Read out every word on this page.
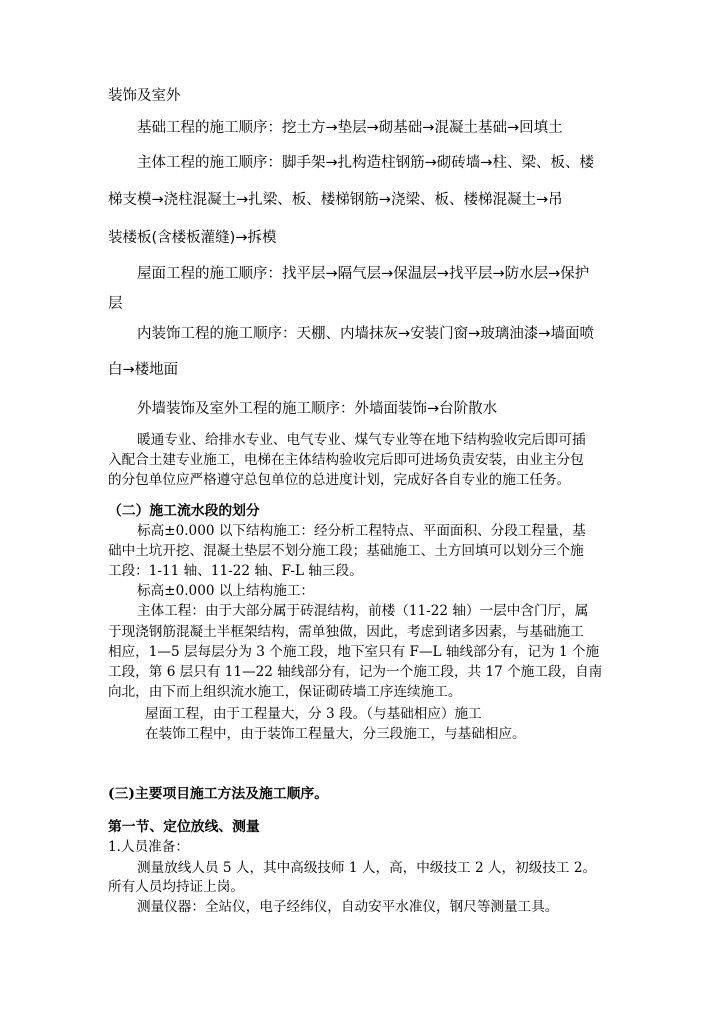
装饰及室外
基础工程的施工顺序：挖土方→垫层→砌基础→混凝土基础→回填土
主体工程的施工顺序：脚手架→扎构造柱钢筋→砌砖墙→柱、梁、板、楼
梯支模→浇柱混凝土→扎梁、板、楼梯钢筋→浇梁、板、楼梯混凝土→吊
装楼板(含楼板灌缝)→拆模
屋面工程的施工顺序：找平层→隔气层→保温层→找平层→防水层→保护
层
内装饰工程的施工顺序：天棚、内墙抹灰→安装门窗→玻璃油漆→墙面喷
白→楼地面
外墙装饰及室外工程的施工顺序：外墙面装饰→台阶散水
暖通专业、给排水专业、电气专业、煤气专业等在地下结构验收完后即可插
入配合土建专业施工，电梯在主体结构验收完后即可进场负责安装，由业主分包
的分包单位应严格遵守总包单位的总进度计划，完成好各自专业的施工任务。
（二）施工流水段的划分
标高±0.000 以下结构施工：经分析工程特点、平面面积、分段工程量，基
础中土坑开挖、混凝土垫层不划分施工段；基础施工、土方回填可以划分三个施
工段：1-11 轴、11-22 轴、F-L 轴三段。
标高±0.000 以上结构施工：
主体工程：由于大部分属于砖混结构，前楼（11-22 轴）一层中含门厅，属
于现浇钢筋混凝土半框架结构，需单独做，因此，考虑到诸多因素，与基础施工
相应，1—5 层每层分为 3 个施工段，地下室只有 F—L 轴线部分有，记为 1 个施
工段，第 6 层只有 11—22 轴线部分有，记为一个施工段，共 17 个施工段，自南
向北，由下而上组织流水施工，保证砌砖墙工序连续施工。
屋面工程，由于工程量大，分 3 段。（与基础相应）施工
在装饰工程中，由于装饰工程量大，分三段施工，与基础相应。
(三)主要项目施工方法及施工顺序。
第一节、定位放线、测量
1.人员准备：
测量放线人员 5 人，其中高级技师 1 人，高，中级技工 2 人，初级技工 2。
所有人员均持证上岗。
测量仪器：全站仪，电子经纬仪，自动安平水准仪，钢尺等测量工具。
